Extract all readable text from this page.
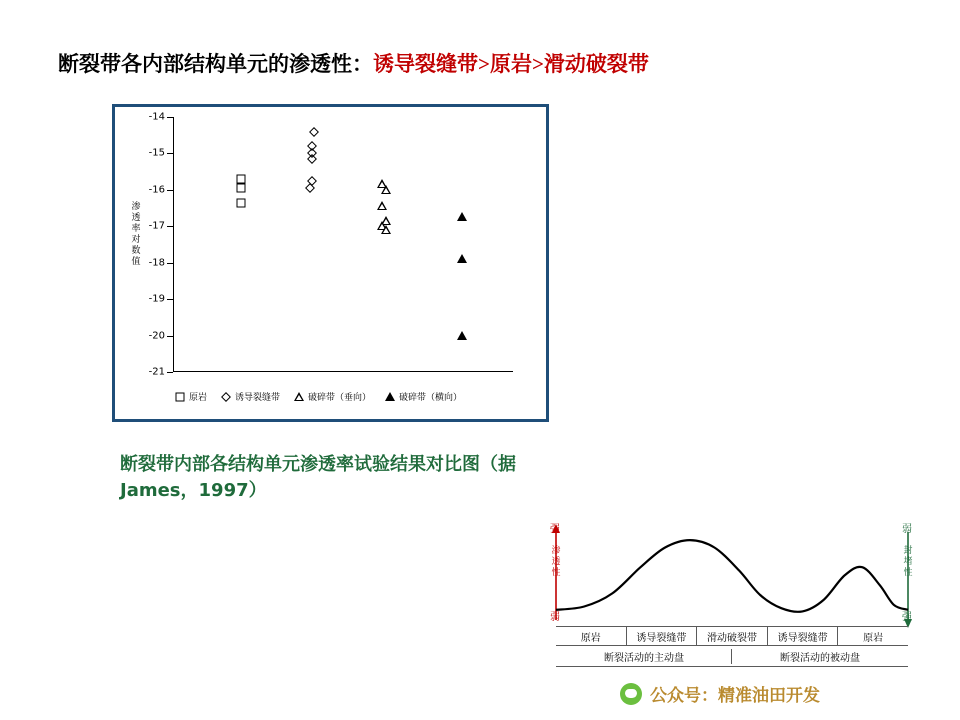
断裂带各内部结构单元的渗透性：诱导裂缝带>原岩>滑动破裂带
渗
透
率
对
数
值
-14
-15
-16
-17
-18
-19
-20
-21
原岩	诱导裂缝带	破碎带（垂向）	破碎带（横向）
断裂带内部各结构单元渗透率试验结果对比图（据James，1997）
强
弱
渗
透
性
弱
强
封
堵
性
原岩	诱导裂缝带	滑动破裂带	诱导裂缝带	原岩
断裂活动的主动盘	断裂活动的被动盘
公众号：精准油田开发
